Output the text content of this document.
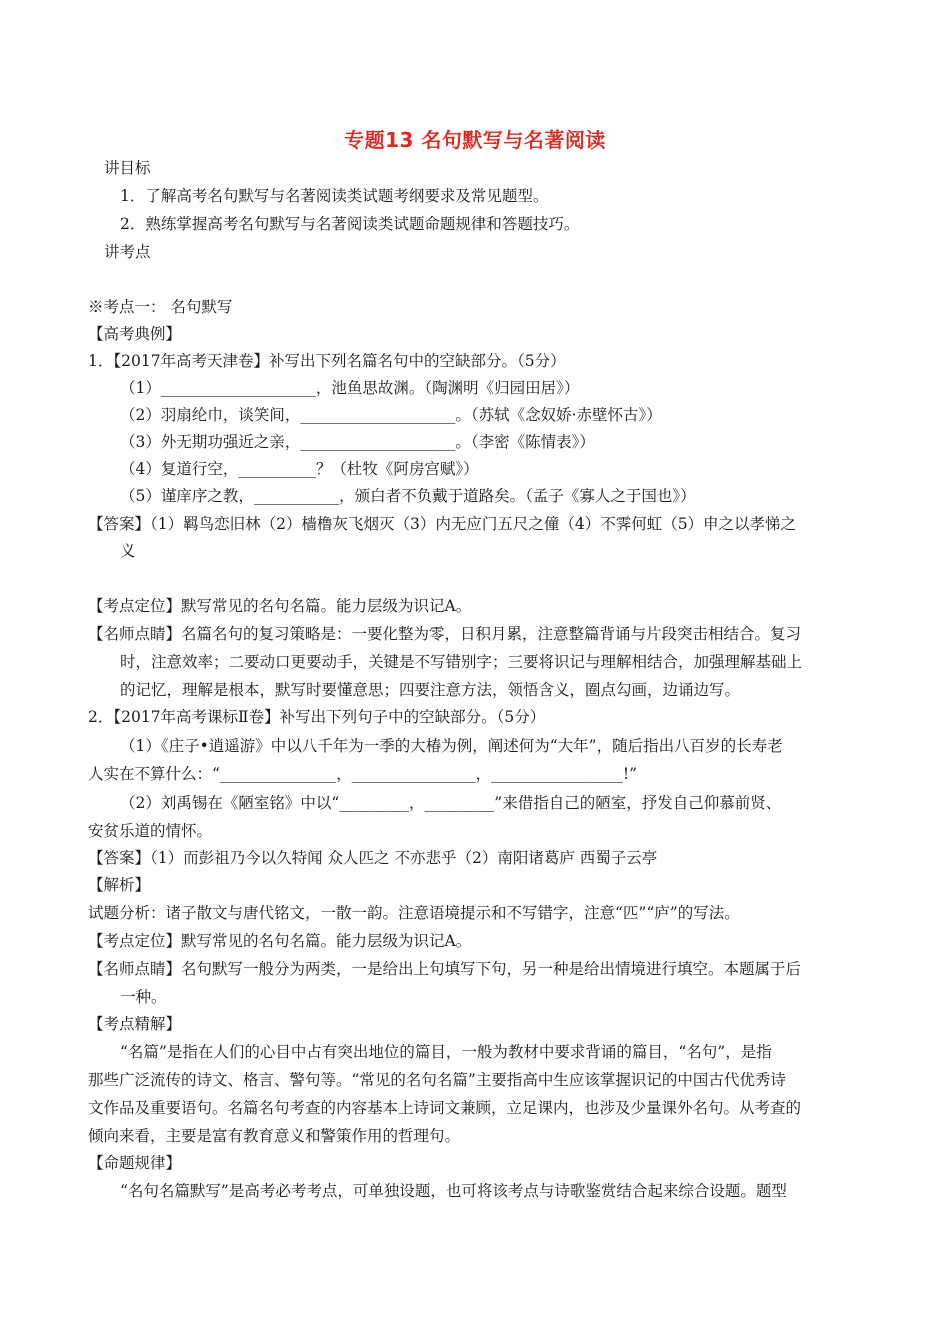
专题13 名句默写与名著阅读
讲目标
1．了解高考名句默写与名著阅读类试题考纲要求及常见题型。
2．熟练掌握高考名句默写与名著阅读类试题命题规律和答题技巧。
讲考点
※考点一： 名句默写
【高考典例】
1．【2017年高考天津卷】补写出下列名篇名句中的空缺部分。（5分）
（1）____________________，池鱼思故渊。（陶渊明《归园田居》）
（2）羽扇纶巾，谈笑间，____________________。（苏轼《念奴娇·赤壁怀古》）
（3）外无期功强近之亲，____________________。（李密《陈情表》）
（4）复道行空，__________？（杜牧《阿房宫赋》）
（5）谨庠序之教，___________，颁白者不负戴于道路矣。（孟子《寡人之于国也》）
【答案】（1）羁鸟恋旧林（2）樯橹灰飞烟灭（3）内无应门五尺之僮（4）不霁何虹（5）申之以孝悌之
义
【考点定位】默写常见的名句名篇。能力层级为识记A。
【名师点睛】名篇名句的复习策略是：一要化整为零，日积月累，注意整篇背诵与片段突击相结合。复习
时，注意效率；二要动口更要动手，关键是不写错别字；三要将识记与理解相结合，加强理解基础上
的记忆，理解是根本，默写时要懂意思；四要注意方法，领悟含义，圈点勾画，边诵边写。
2．【2017年高考课标Ⅱ卷】补写出下列句子中的空缺部分。（5分）
（1）《庄子•逍遥游》中以八千年为一季的大椿为例，阐述何为“大年”，随后指出八百岁的长寿老
人实在不算什么：“_______________，________________，_________________!”
（2）刘禹锡在《陋室铭》中以“_________，_________”来借指自己的陋室，抒发自己仰慕前贤、
安贫乐道的情怀。
【答案】（1）而彭祖乃今以久特闻 众人匹之 不亦悲乎（2）南阳诸葛庐 西蜀子云亭
【解析】
试题分析：诸子散文与唐代铭文，一散一韵。注意语境提示和不写错字，注意“匹”“庐”的写法。
【考点定位】默写常见的名句名篇。能力层级为识记A。
【名师点睛】名句默写一般分为两类，一是给出上句填写下句，另一种是给出情境进行填空。本题属于后
一种。
【考点精解】
“名篇”是指在人们的心目中占有突出地位的篇目，一般为教材中要求背诵的篇目，“名句”，是指
那些广泛流传的诗文、格言、警句等。“常见的名句名篇”主要指高中生应该掌握识记的中国古代优秀诗
文作品及重要语句。名篇名句考查的内容基本上诗词文兼顾，立足课内，也涉及少量课外名句。从考查的
倾向来看，主要是富有教育意义和警策作用的哲理句。
【命题规律】
“名句名篇默写”是高考必考考点，可单独设题，也可将该考点与诗歌鉴赏结合起来综合设题。题型
